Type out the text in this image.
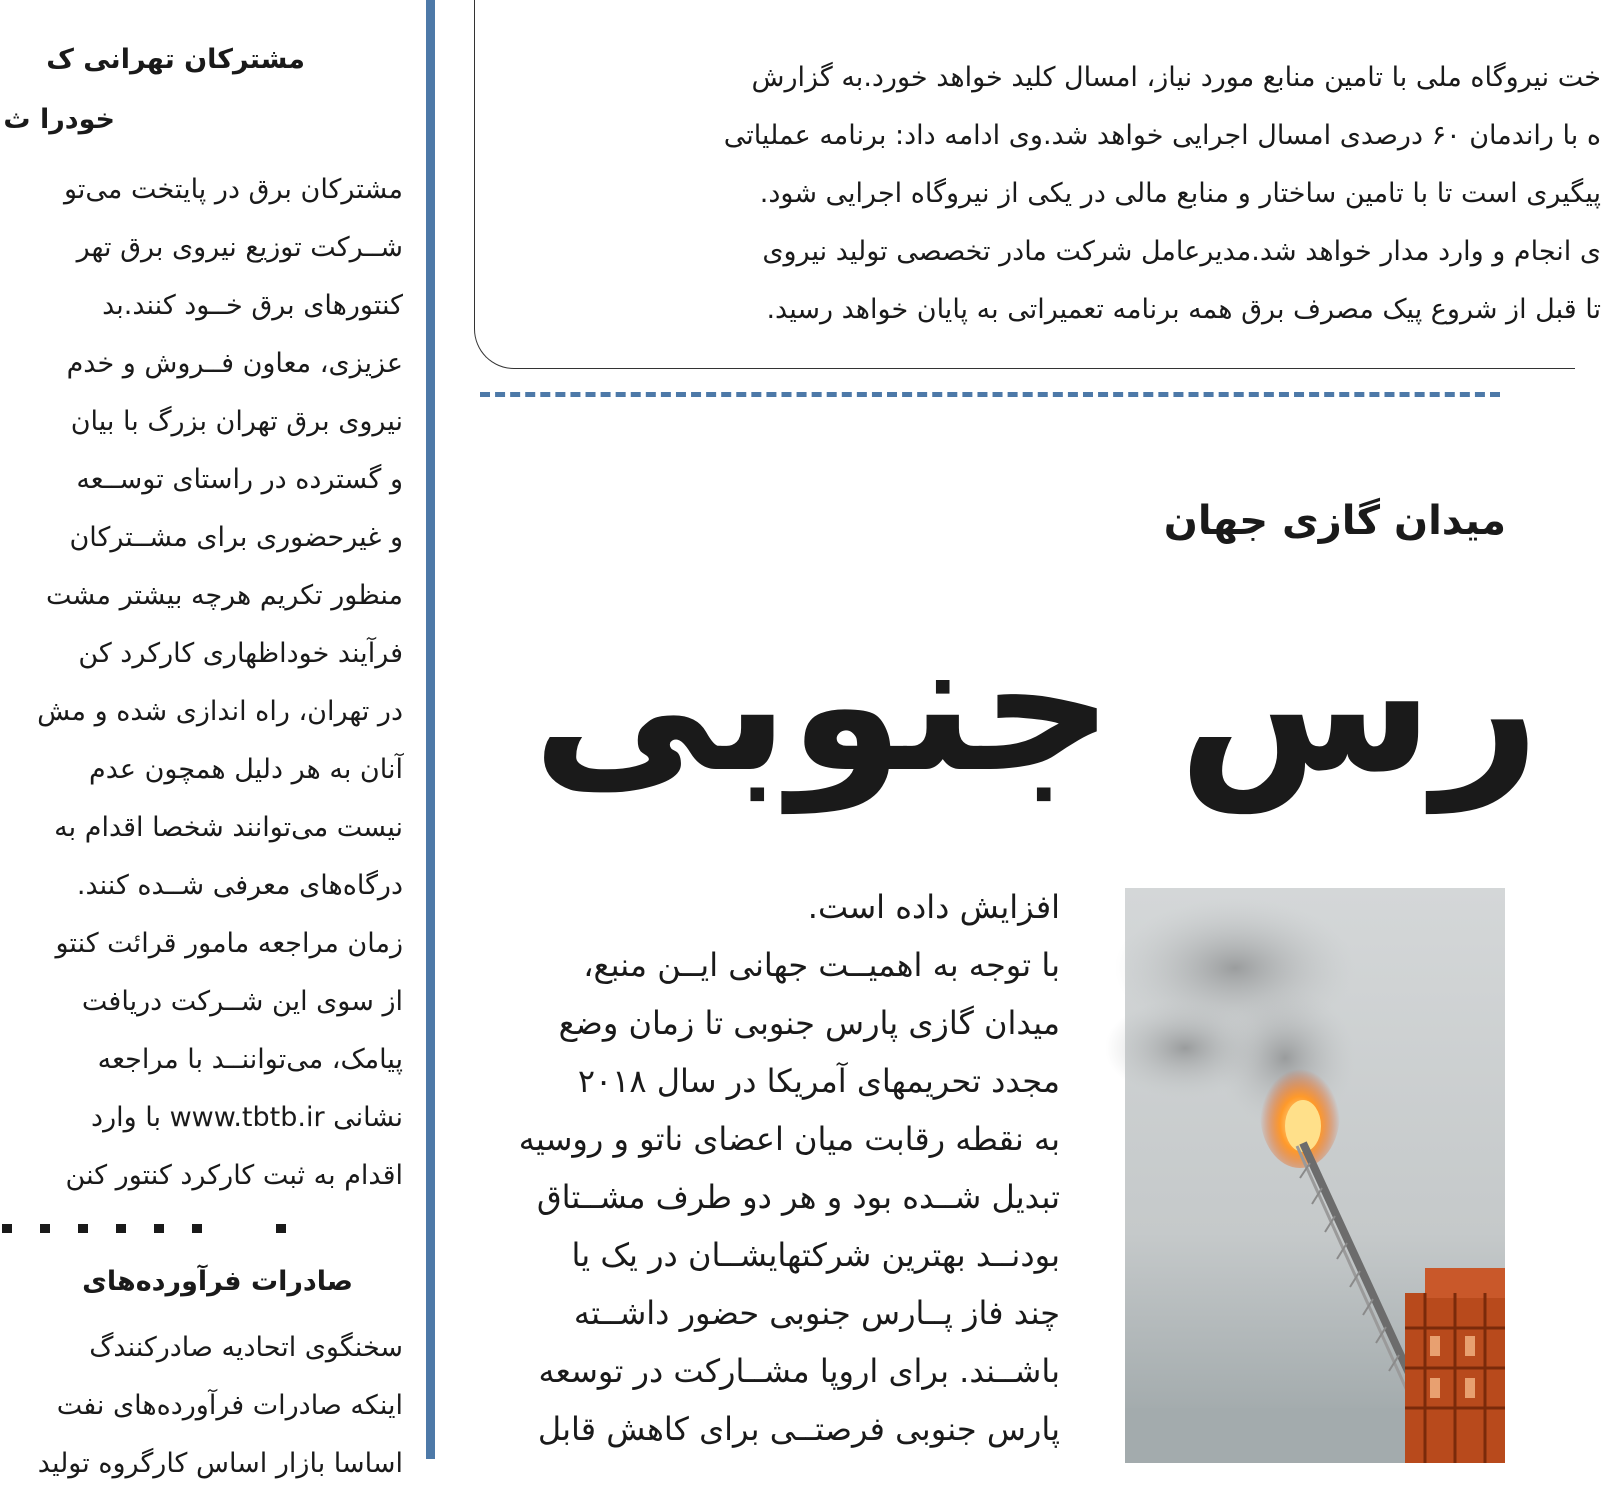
مشترکان تهرانی ک
خودرا ث
مشترکان برق در پایتخت می‌تو
شــرکت توزیع نیروی برق تهر
کنتورهای برق خــود کنند.بد
عزیزی، معاون فــروش و خدم
نیروی برق تهران بزرگ با بیان
و گسترده در راستای توســعه
و غیرحضوری برای مشــترکان
منظور تکریم هرچه بیشتر مشت
فرآیند خوداظهاری کارکرد کن
در تهران، راه اندازی شده و مش
آنان به هر دلیل همچون عدم
نیست می‌توانند شخصا اقدام به
درگاه‌های معرفی شــده کنند.
زمان مراجعه مامور قرائت کنتو
از سوی این شــرکت دریافت
پیامک، می‌تواننــد با مراجعه
نشانی www.tbtb.ir با وارد
اقدام به ثبت کارکرد کنتور کنن
صادرات فرآورده‌های
سخنگوی اتحادیه صادرکنندگ
اینکه صادرات فرآورده‌های نفت
اساسا بازار اساس کارگروه تولید
خت نیروگاه ملی با تامین منابع مورد نیاز، امسال کلید خواهد خورد.به گزارش
ه با راندمان ۶۰ درصدی امسال اجرایی خواهد شد.وی ادامه داد: برنامه عملیاتی
پیگیری است تا با تامین ساختار و منابع مالی در یکی از نیروگاه اجرایی شود.
ی انجام و وارد مدار خواهد شد.مدیرعامل شرکت مادر تخصصی تولید نیروی
تا قبل از شروع پیک مصرف برق همه برنامه تعمیراتی به پایان خواهد رسید.
میدان گازی جهان
رس جنوبی
افزایش داده است.
با توجه به اهمیــت جهانی ایــن منبع،
میدان گازی پارس جنوبی تا زمان وضع
مجدد تحریمهای آمریکا در سال ۲۰۱۸
به نقطه رقابت میان اعضای ناتو و روسیه
تبدیل شــده بود و هر دو طرف مشــتاق
بودنــد بهترین شرکتهایشــان در یک یا
چند فاز پــارس جنوبی حضور داشــته
باشــند. برای اروپا مشــارکت در توسعه
پارس جنوبی فرصتــی برای کاهش قابل
